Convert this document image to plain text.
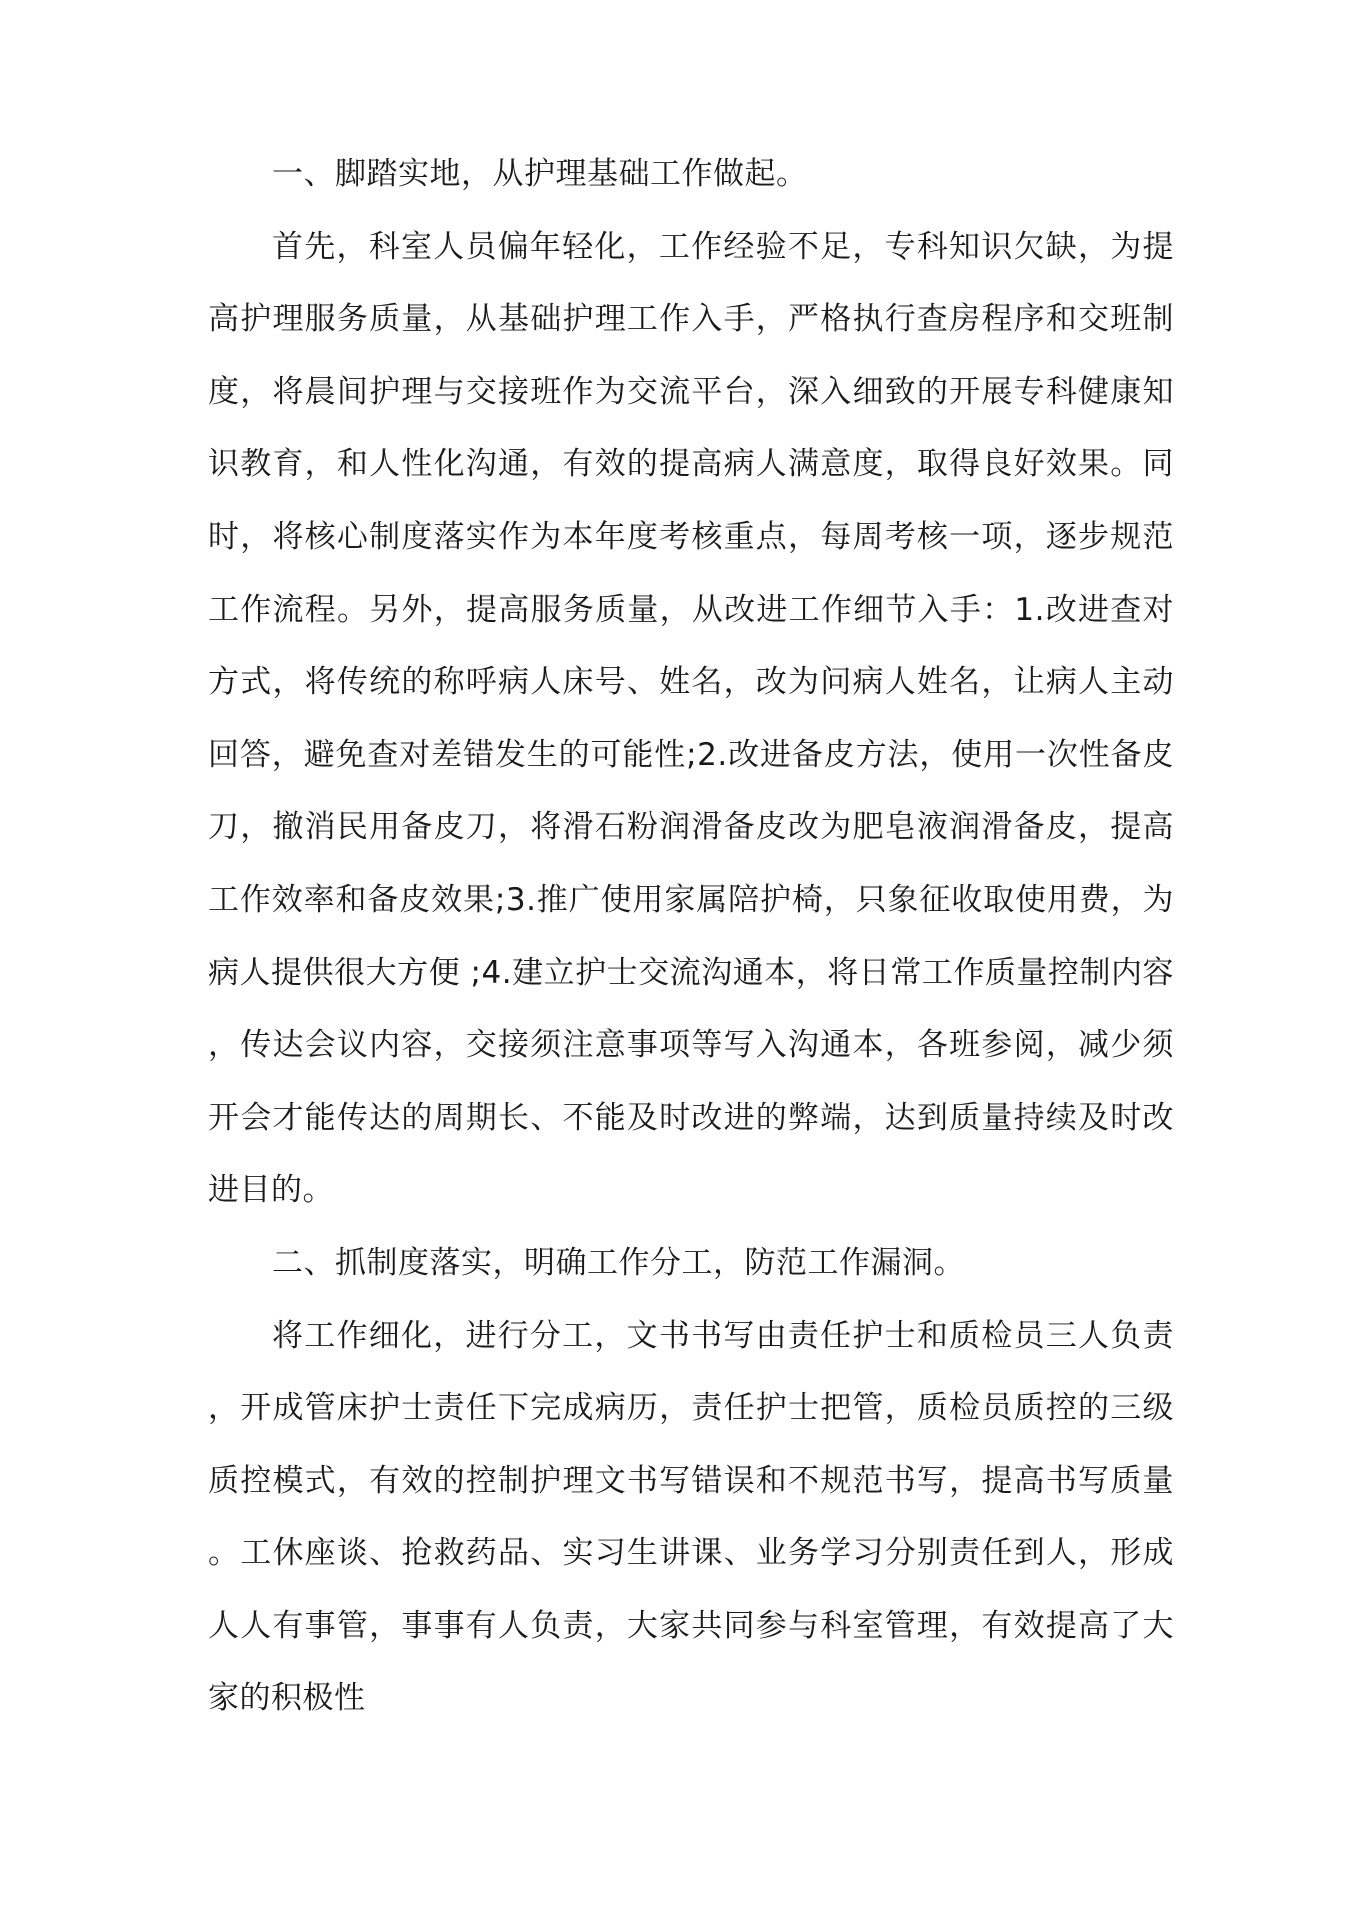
一、脚踏实地，从护理基础工作做起。

首先，科室人员偏年轻化，工作经验不足，专科知识欠缺，为提高护理服务质量，从基础护理工作入手，严格执行查房程序和交班制度，将晨间护理与交接班作为交流平台，深入细致的开展专科健康知识教育，和人性化沟通，有效的提高病人满意度，取得良好效果。同时，将核心制度落实作为本年度考核重点，每周考核一项，逐步规范工作流程。另外，提高服务质量，从改进工作细节入手：1.改进查对方式，将传统的称呼病人床号、姓名，改为问病人姓名，让病人主动回答，避免查对差错发生的可能性;2.改进备皮方法，使用一次性备皮刀，撤消民用备皮刀，将滑石粉润滑备皮改为肥皂液润滑备皮，提高工作效率和备皮效果;3.推广使用家属陪护椅，只象征收取使用费，为病人提供很大方便 ;4.建立护士交流沟通本，将日常工作质量控制内容，传达会议内容，交接须注意事项等写入沟通本，各班参阅，减少须开会才能传达的周期长、不能及时改进的弊端，达到质量持续及时改进目的。

二、抓制度落实，明确工作分工，防范工作漏洞。

将工作细化，进行分工，文书书写由责任护士和质检员三人负责，开成管床护士责任下完成病历，责任护士把管，质检员质控的三级质控模式，有效的控制护理文书写错误和不规范书写，提高书写质量。工休座谈、抢救药品、实习生讲课、业务学习分别责任到人，形成人人有事管，事事有人负责，大家共同参与科室管理，有效提高了大家的积极性
